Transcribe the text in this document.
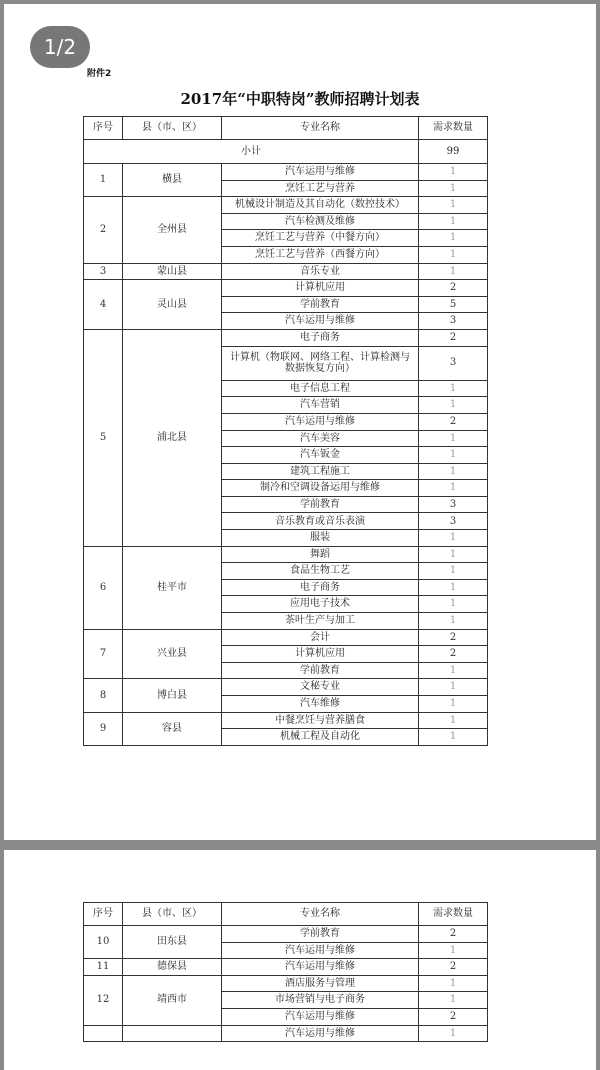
附件2
2017年“中职特岗”教师招聘计划表
序号	县（市、区）	专业名称	需求数量
小计			99
1	横县	汽车运用与维修	1
		烹饪工艺与营养	1
2	全州县	机械设计制造及其自动化（数控技术）	1
		汽车检测及维修	1
		烹饪工艺与营养（中餐方向）	1
		烹饪工艺与营养（西餐方向）	1
3	蒙山县	音乐专业	1
4	灵山县	计算机应用	2
		学前教育	5
		汽车运用与维修	3
5	浦北县	电子商务	2
		计算机（物联网、网络工程、计算检测与数据恢复方向）	3
		电子信息工程	1
		汽车营销	1
		汽车运用与维修	2
		汽车美容	1
		汽车钣金	1
		建筑工程施工	1
		制冷和空调设备运用与维修	1
		学前教育	3
		音乐教育或音乐表演	3
		服装	1
6	桂平市	舞蹈	1
		食品生物工艺	1
		电子商务	1
		应用电子技术	1
		茶叶生产与加工	1
7	兴业县	会计	2
		计算机应用	2
		学前教育	1
8	博白县	文秘专业	1
		汽车维修	1
9	容县	中餐烹饪与营养膳食	1
		机械工程及自动化	1
序号	县（市、区）	专业名称	需求数量
10	田东县	学前教育	2
		汽车运用与维修	1
11	德保县	汽车运用与维修	2
12	靖西市	酒店服务与管理	1
		市场营销与电子商务	1
		汽车运用与维修	2
		汽车运用与维修	1
1/2
